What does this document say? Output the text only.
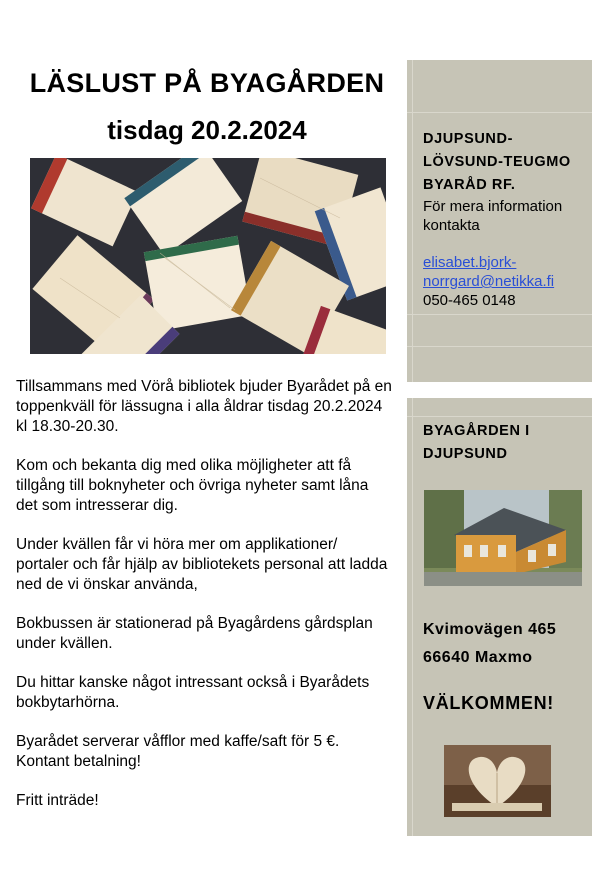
LÄSLUST PÅ BYAGÅRDEN
tisdag 20.2.2024

Tillsammans med Vörå bibliotek bjuder Byarådet på en toppenkväll för lässugna i alla åldrar tisdag 20.2.2024 kl 18.30-20.30.

Kom och bekanta dig med olika möjligheter att få tillgång till boknyheter och övriga nyheter samt låna det som intresserar dig.

Under kvällen får vi höra mer om applikationer/ portaler och får hjälp av bibliotekets personal att ladda ned de vi önskar använda,

Bokbussen är stationerad på Byagårdens gårdsplan under kvällen.

Du hittar kanske något intressant också i Byarådets bokbytarhörna.

Byarådet serverar våfflor med kaffe/saft för 5 €. Kontant betalning!

Fritt inträde!

DJUPSUND-
LÖVSUND-TEUGMO
BYARÅD RF.
För mera information kontakta
elisabet.bjork-
norrgard@netikka.fi
050-465 0148
BYAGÅRDEN I
DJUPSUND
Kvimovägen 465
66640 Maxmo
VÄLKOMMEN!
